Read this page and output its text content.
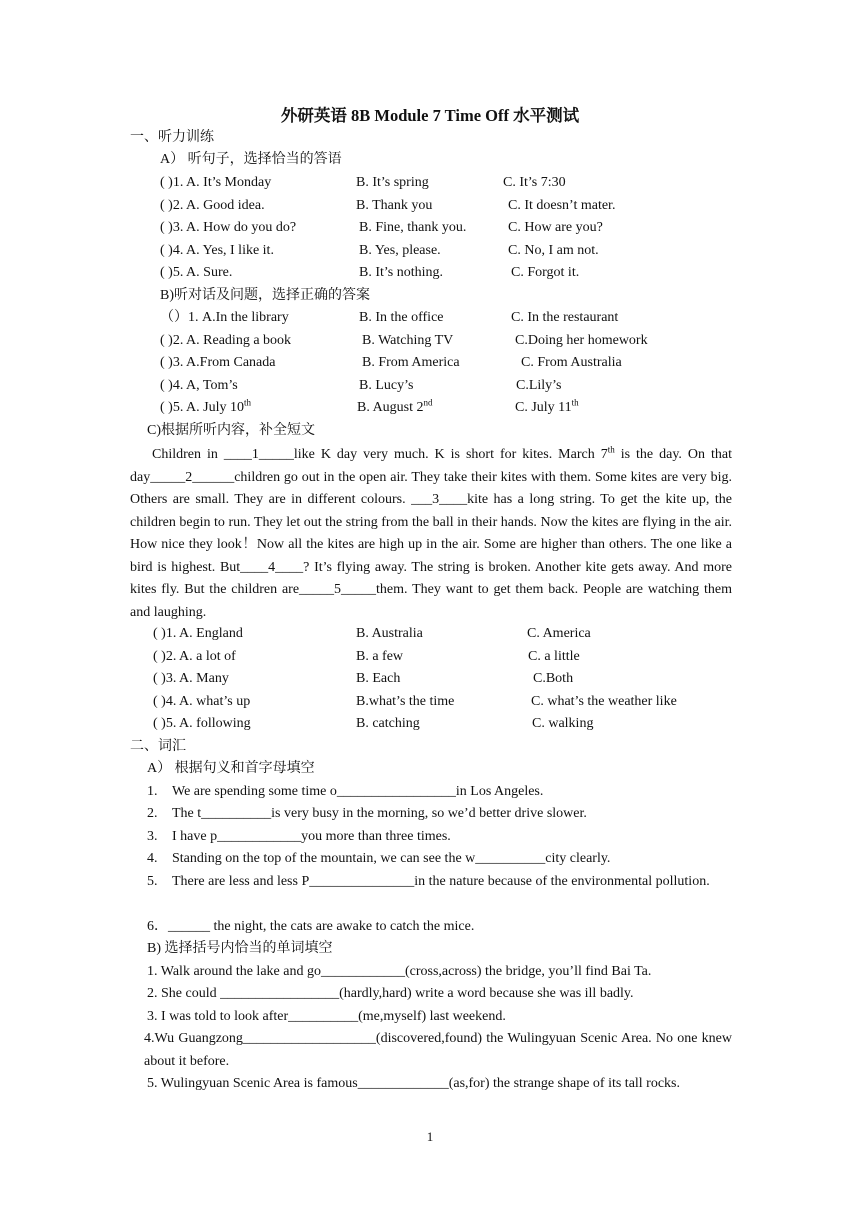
外研英语 8B Module 7 Time Off 水平测试
一、听力训练
A） 听句子，选择恰当的答语
( )1. A. It’s Monday	B. It’s spring	C. It’s 7:30
( )2. A. Good idea.	B. Thank you	C. It doesn’t mater.
( )3. A. How do you do?	B. Fine, thank you.	C. How are you?
( )4. A. Yes, I like it.	B. Yes, please.	C. No, I am not.
( )5. A. Sure.	B. It’s nothing.	C. Forgot it.
B)听对话及问题，选择正确的答案
（）1. A.In the library	B. In the office	C. In the restaurant
( )2. A. Reading a book	B. Watching TV	C.Doing her homework
( )3. A.From Canada	B. From America	C. From Australia
( )4. A, Tom’s	B. Lucy’s	C.Lily’s
( )5. A. July 10th	B. August 2nd	C. July 11th
C)根据所听内容，补全短文
Children in ____1_____like K day very much. K is short for kites. March 7th is the day. On that day_____2______children go out in the open air. They take their kites with them. Some kites are very big. Others are small. They are in different colours. ___3____kite has a long string. To get the kite up, the children begin to run. They let out the string from the ball in their hands. Now the kites are flying in the air. How nice they look！Now all the kites are high up in the air. Some are higher than others. The one like a bird is highest. But____4____? It’s flying away. The string is broken. Another kite gets away. And more kites fly. But the children are_____5_____them. They want to get them back. People are watching them and laughing.
( )1. A. England	B. Australia	C. America
( )2. A. a lot of	B. a few	C. a little
( )3. A. Many	B. Each	C.Both
( )4. A. what’s up	B.what’s the time	C. what’s the weather like
( )5. A. following	B. catching	C. walking
二、词汇
A） 根据句义和首字母填空
1. We are spending some time o_________________in Los Angeles.
2. The t__________is very busy in the morning, so we’d better drive slower.
3. I have p____________you more than three times.
4. Standing on the top of the mountain, we can see the w__________city clearly.
5. There are less and less P_______________in the nature because of the environmental pollution.
6．______ the night, the cats are awake to catch the mice.
B) 选择括号内恰当的单词填空
1. Walk around the lake and go____________(cross,across) the bridge, you’ll find Bai Ta.
2. She could _________________(hardly,hard) write a word because she was ill badly.
3. I was told to look after__________(me,myself) last weekend.
4.Wu Guangzong___________________(discovered,found) the Wulingyuan Scenic Area. No one knew about it before.
5. Wulingyuan Scenic Area is famous_____________(as,for) the strange shape of its tall rocks.
1
